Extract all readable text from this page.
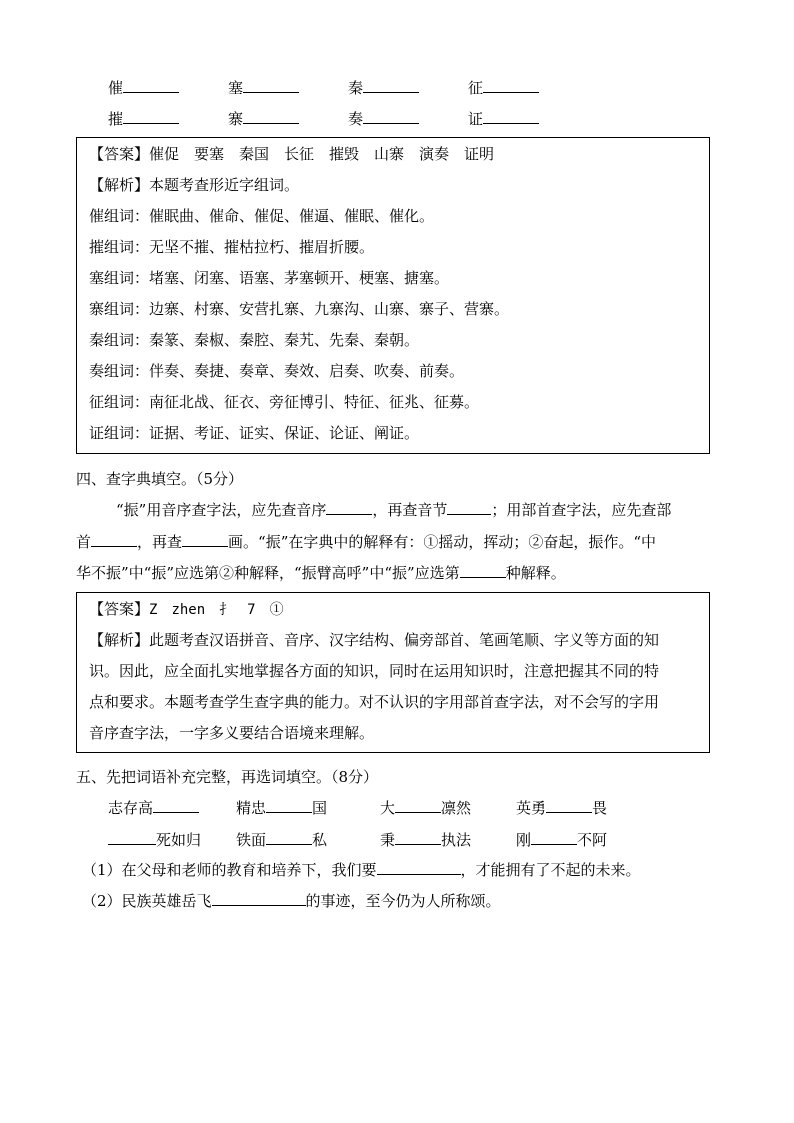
催	塞	秦	征
摧	寨	奏	证
【答案】催促　要塞　秦国　长征　摧毁　山寨　演奏　证明
【解析】本题考查形近字组词。
催组词：催眠曲、催命、催促、催逼、催眠、催化。
摧组词：无坚不摧、摧枯拉朽、摧眉折腰。
塞组词：堵塞、闭塞、语塞、茅塞顿开、梗塞、搪塞。
寨组词：边寨、村寨、安营扎寨、九寨沟、山寨、寨子、营寨。
秦组词：秦篆、秦椒、秦腔、秦艽、先秦、秦朝。
奏组词：伴奏、奏捷、奏章、奏效、启奏、吹奏、前奏。
征组词：南征北战、征衣、旁征博引、特征、征兆、征募。
证组词：证据、考证、证实、保证、论证、阐证。
四、查字典填空。（5分）
“振”用音序查字法，应先查音序	，再查音节	；用部首查字法，应先查部
首	，再查	画。“振”在字典中的解释有：①摇动，挥动；②奋起，振作。“中
华不振”中“振”应选第②种解释，“振臂高呼”中“振”应选第	种解释。
【答案】Z　zhen　扌　7　①
【解析】此题考查汉语拼音、音序、汉字结构、偏旁部首、笔画笔顺、字义等方面的知
识。因此，应全面扎实地掌握各方面的知识，同时在运用知识时，注意把握其不同的特
点和要求。本题考查学生查字典的能力。对不认识的字用部首查字法，对不会写的字用
音序查字法，一字多义要结合语境来理解。
五、先把词语补充完整，再选词填空。（8分）
志存高	精忠	国	大	凛然	英勇	畏
死如归 铁面	私	秉	执法	刚	不阿
（1）在父母和老师的教育和培养下，我们要	，才能拥有了不起的未来。
（2）民族英雄岳飞	的事迹，至今仍为人所称颂。
